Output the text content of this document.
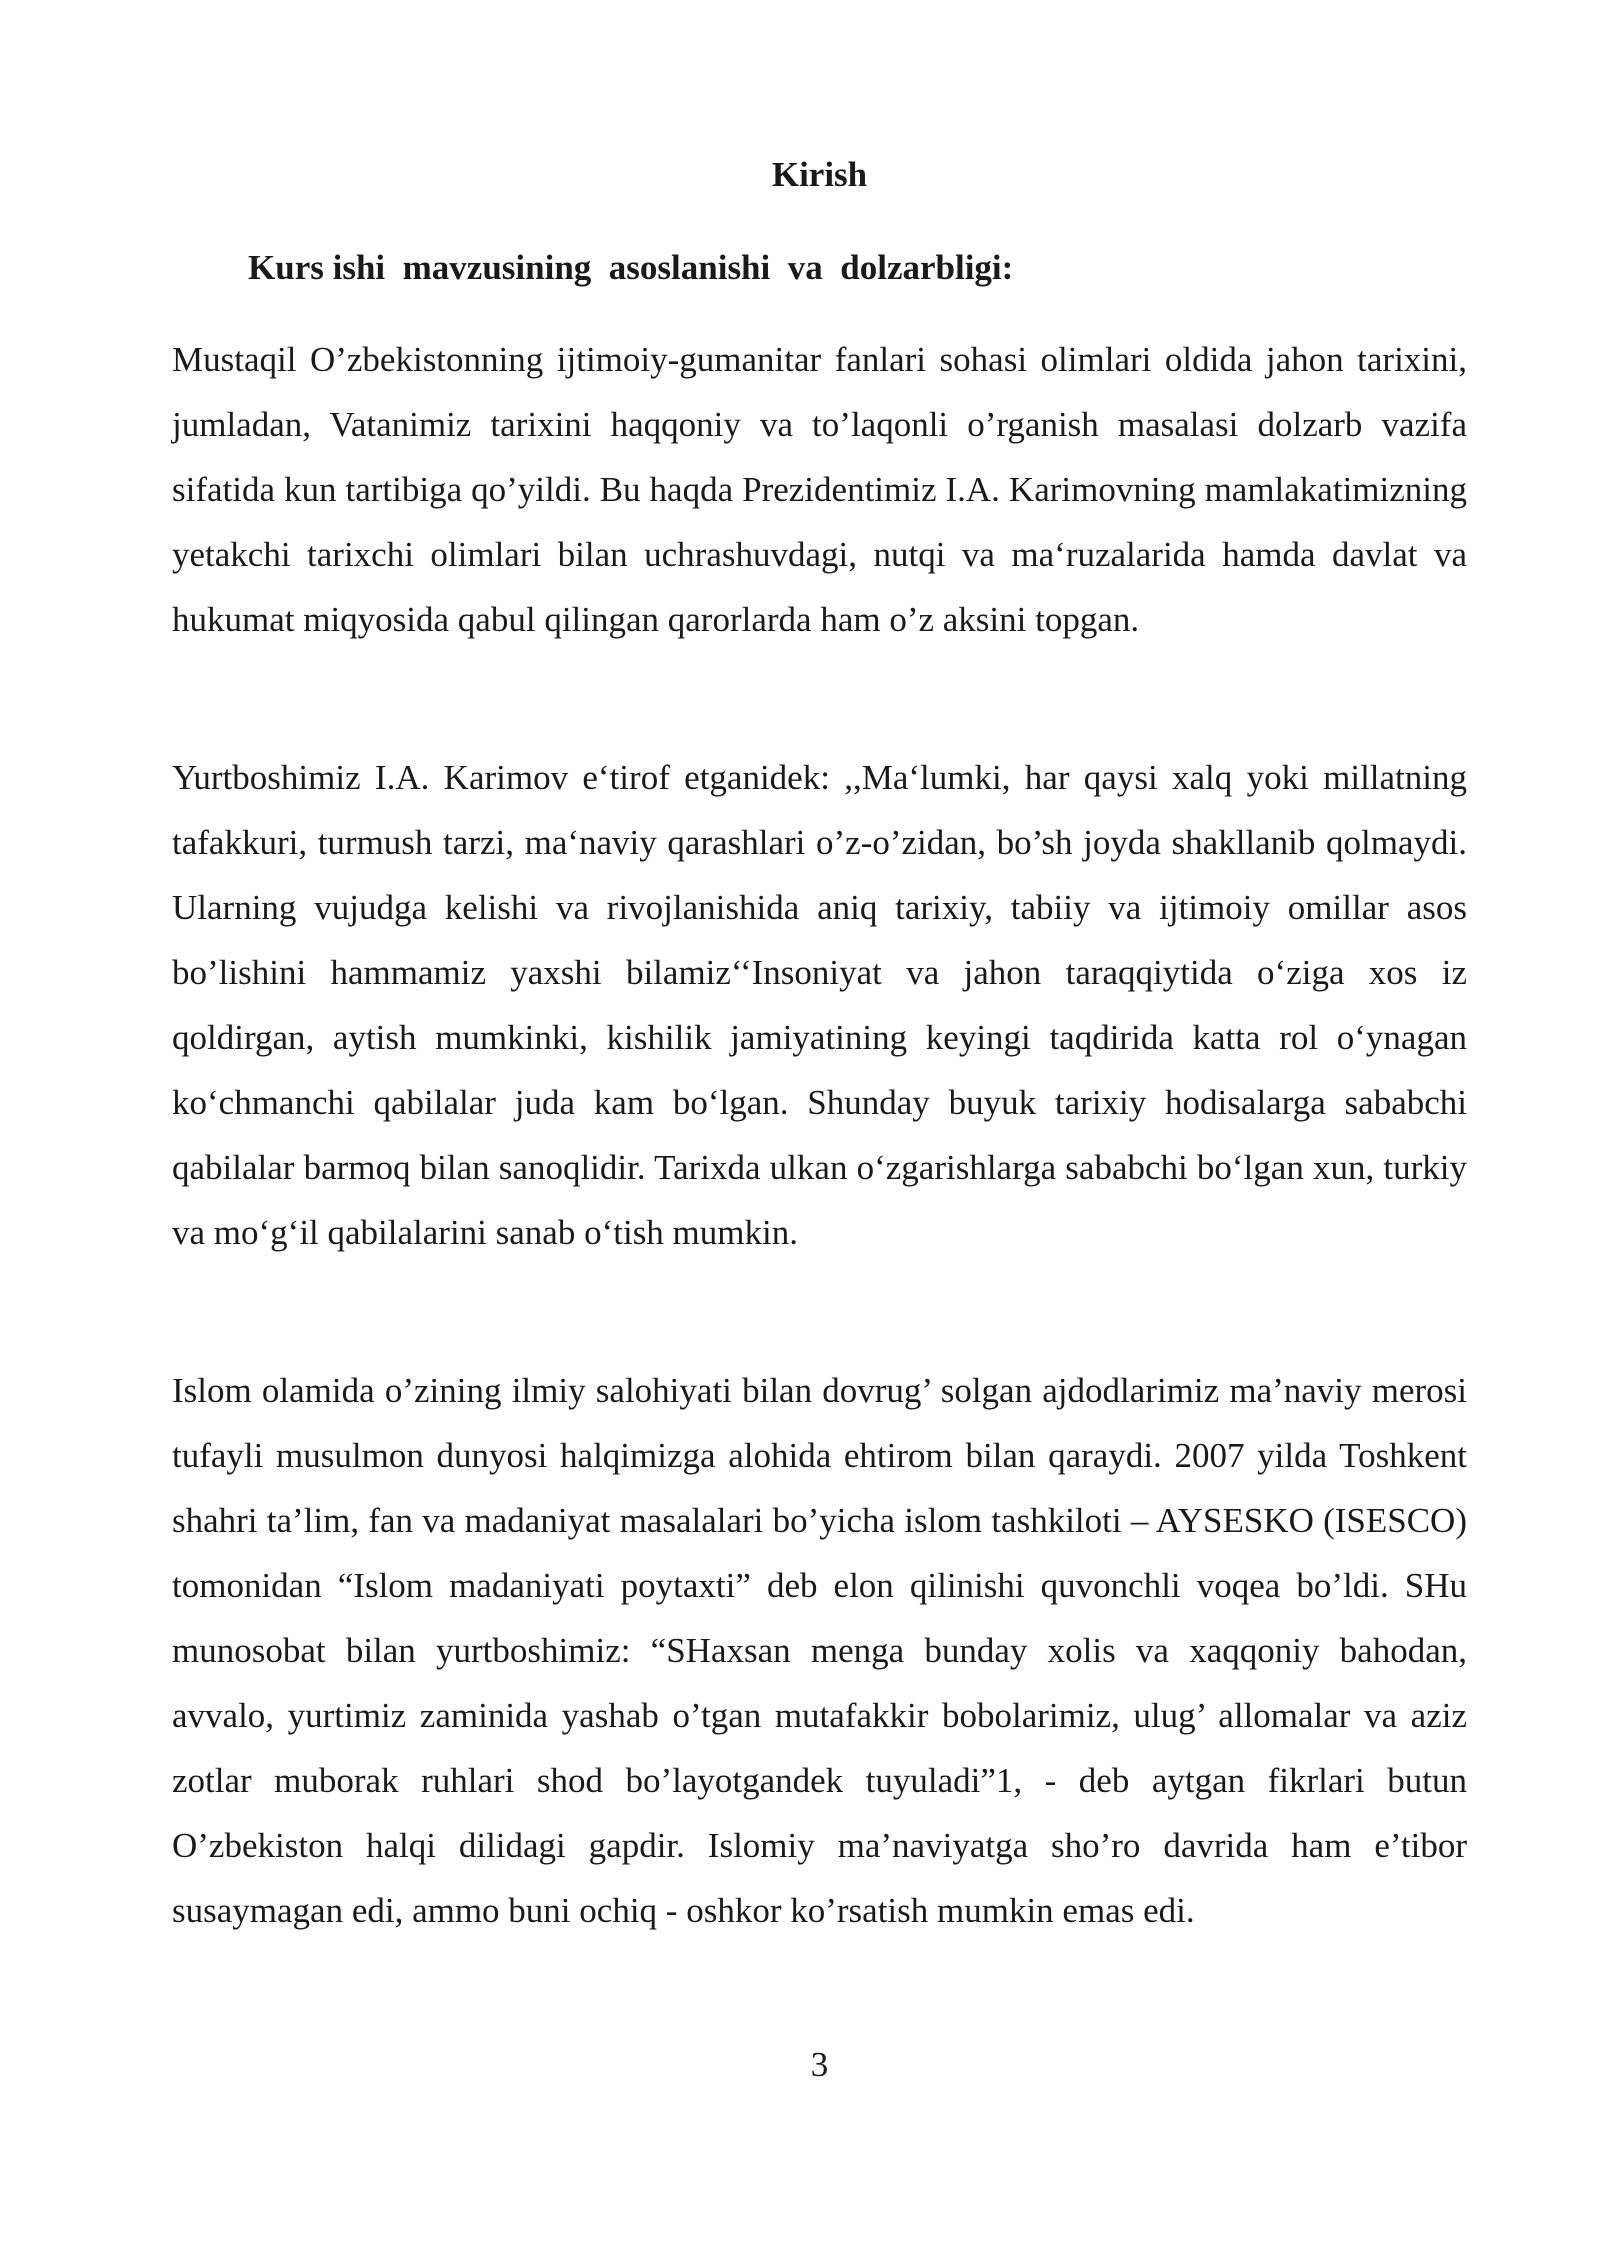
Kirish
Kurs ishi  mavzusining  asoslanishi  va  dolzarbligi:

Mustaqil O’zbekistonning ijtimoiy-gumanitar fanlari sohasi olimlari oldida jahon tarixini, jumladan, Vatanimiz tarixini haqqoniy va to’laqonli o’rganish masalasi dolzarb vazifa sifatida kun tartibiga qo’yildi. Bu haqda Prezidentimiz I.A. Karimovning mamlakatimizning yetakchi tarixchi olimlari bilan uchrashuvdagi, nutqi va maʻruzalarida hamda davlat va hukumat miqyosida qabul qilingan qarorlarda ham o’z aksini topgan.

Yurtboshimiz I.A. Karimov eʻtirof etganidek: ,,Maʻlumki, har qaysi xalq yoki millatning tafakkuri, turmush tarzi, maʻnaviy qarashlari o’z-o’zidan, bo’sh joyda shakllanib qolmaydi. Ularning vujudga kelishi va rivojlanishida aniq tarixiy, tabiiy va ijtimoiy omillar asos bo’lishini hammamiz yaxshi bilamiz‘‘Insoniyat va jahon taraqqiytida oʻziga xos iz qoldirgan, aytish mumkinki, kishilik jamiyatining keyingi taqdirida katta rol oʻynagan koʻchmanchi qabilalar juda kam boʻlgan. Shunday buyuk tarixiy hodisalarga sababchi qabilalar barmoq bilan sanoqlidir. Tarixda ulkan oʻzgarishlarga sababchi boʻlgan xun, turkiy va moʻgʻil qabilalarini sanab oʻtish mumkin.

Islom olamida o’zining ilmiy salohiyati bilan dovrug’ solgan ajdodlarimiz ma’naviy merosi tufayli musulmon dunyosi halqimizga alohida ehtirom bilan qaraydi. 2007 yilda Toshkent shahri ta’lim, fan va madaniyat masalalari bo’yicha islom tashkiloti – AYSESKO (ISESCO) tomonidan “Islom madaniyati poytaxti” deb elon qilinishi quvonchli voqea bo’ldi. SHu munosobat bilan yurtboshimiz: “SHaxsan menga bunday xolis va xaqqoniy bahodan, avvalo, yurtimiz zaminida yashab o’tgan mutafakkir bobolarimiz, ulug’ allomalar va aziz zotlar muborak ruhlari shod bo’layotgandek tuyuladi”1, - deb aytgan fikrlari butun O’zbekiston halqi dilidagi gapdir. Islomiy ma’naviyatga sho’ro davrida ham e’tibor susaymagan edi, ammo buni ochiq - oshkor ko’rsatish mumkin emas edi.

3
